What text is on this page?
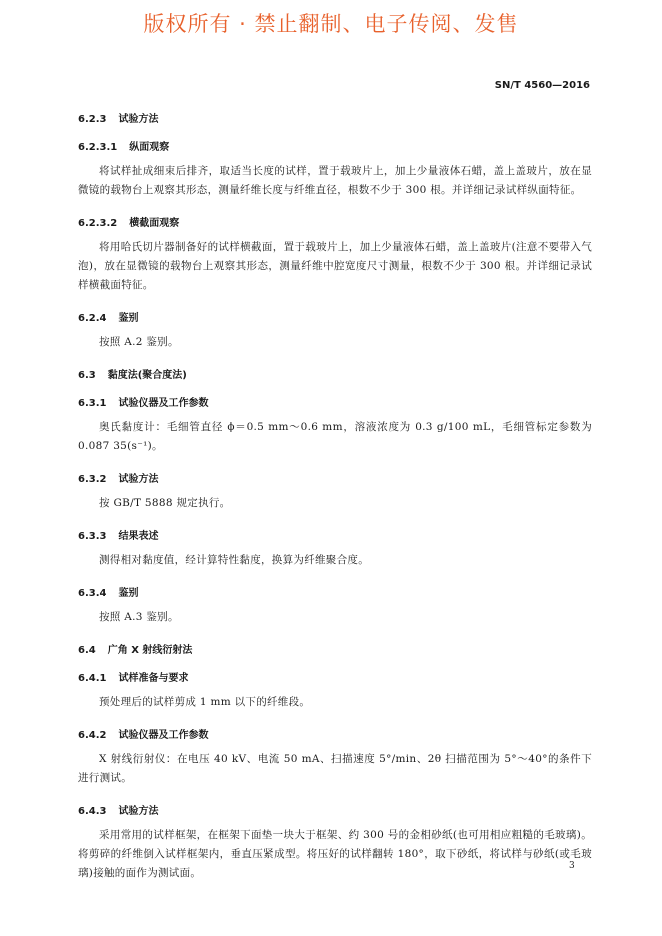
版权所有 · 禁止翻制、电子传阅、发售
SN/T 4560—2016
6.2.3 试验方法
6.2.3.1 纵面观察
将试样扯成细束后排齐，取适当长度的试样，置于载玻片上，加上少量液体石蜡，盖上盖玻片，放在显微镜的载物台上观察其形态，测量纤维长度与纤维直径，根数不少于 300 根。并详细记录试样纵面特征。
6.2.3.2 横截面观察
将用哈氏切片器制备好的试样横截面，置于载玻片上，加上少量液体石蜡，盖上盖玻片(注意不要带入气泡)，放在显微镜的载物台上观察其形态，测量纤维中腔宽度尺寸测量，根数不少于 300 根。并详细记录试样横截面特征。
6.2.4 鉴别
按照 A.2 鉴别。
6.3 黏度法(聚合度法)
6.3.1 试验仪器及工作参数
奥氏黏度计：毛细管直径 ϕ＝0.5 mm～0.6 mm，溶液浓度为 0.3 g/100 mL，毛细管标定参数为 0.087 35(s⁻¹)。
6.3.2 试验方法
按 GB/T 5888 规定执行。
6.3.3 结果表述
测得相对黏度值，经计算特性黏度，换算为纤维聚合度。
6.3.4 鉴别
按照 A.3 鉴别。
6.4 广角 X 射线衍射法
6.4.1 试样准备与要求
预处理后的试样剪成 1 mm 以下的纤维段。
6.4.2 试验仪器及工作参数
X 射线衍射仪：在电压 40 kV、电流 50 mA、扫描速度 5°/min、2θ 扫描范围为 5°～40°的条件下进行测试。
6.4.3 试验方法
采用常用的试样框架，在框架下面垫一块大于框架、约 300 号的金相砂纸(也可用相应粗糙的毛玻璃)。将剪碎的纤维倒入试样框架内，垂直压紧成型。将压好的试样翻转 180°，取下砂纸，将试样与砂纸(或毛玻璃)接触的面作为测试面。
3
